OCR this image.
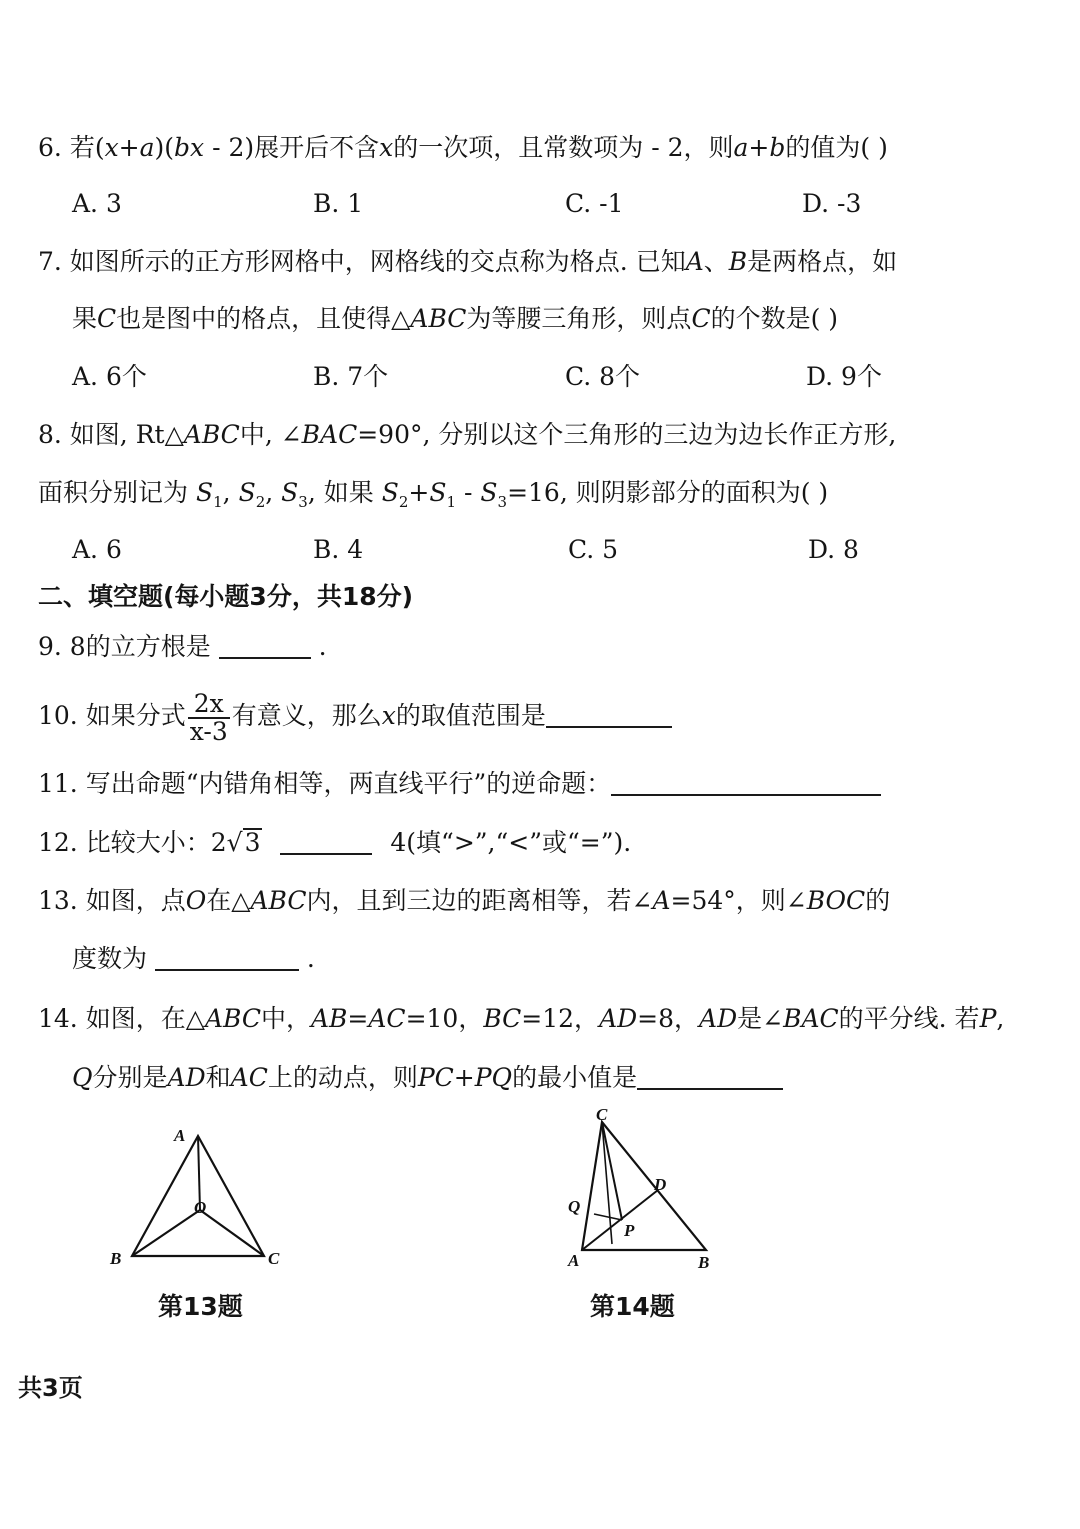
6. 若(x+a)(bx - 2)展开后不含x的一次项，且常数项为 - 2，则a+b的值为( )
A. 3	B. 1	C. -1	D. -3
7. 如图所示的正方形网格中，网格线的交点称为格点. 已知A、B是两格点，如
果C也是图中的格点，且使得△ABC为等腰三角形，则点C的个数是( )
A. 6个	B. 7个	C. 8个	D. 9个
8. 如图, Rt△ABC中, ∠BAC=90°, 分别以这个三角形的三边为边长作正方形,
面积分别记为 $S_1$, $S_2$, $S_3$, 如果 $S_2+S_1 - S_3=16$, 则阴影部分的面积为( )
A. 6	B. 4	C. 5	D. 8
二、填空题(每小题3分，共18分)
9. 8的立方根是	.
10. 如果分式 $\frac{2x}{x-3}$ 有意义，那么x的取值范围是
11. 写出命题“内错角相等，两直线平行”的逆命题：
12. 比较大小：2√3	4(填“>”,“<”或“=”).
13. 如图，点O在△ABC内，且到三边的距离相等，若∠A=54°，则∠BOC的
度数为	.
14. 如图，在△ABC中，AB=AC=10，BC=12，AD=8，AD是∠BAC的平分线. 若P,
Q分别是AD和AC上的动点，则PC+PQ的最小值是
A
O
B	C
第13题
C
D
Q
P
A	B
第14题
共3页
